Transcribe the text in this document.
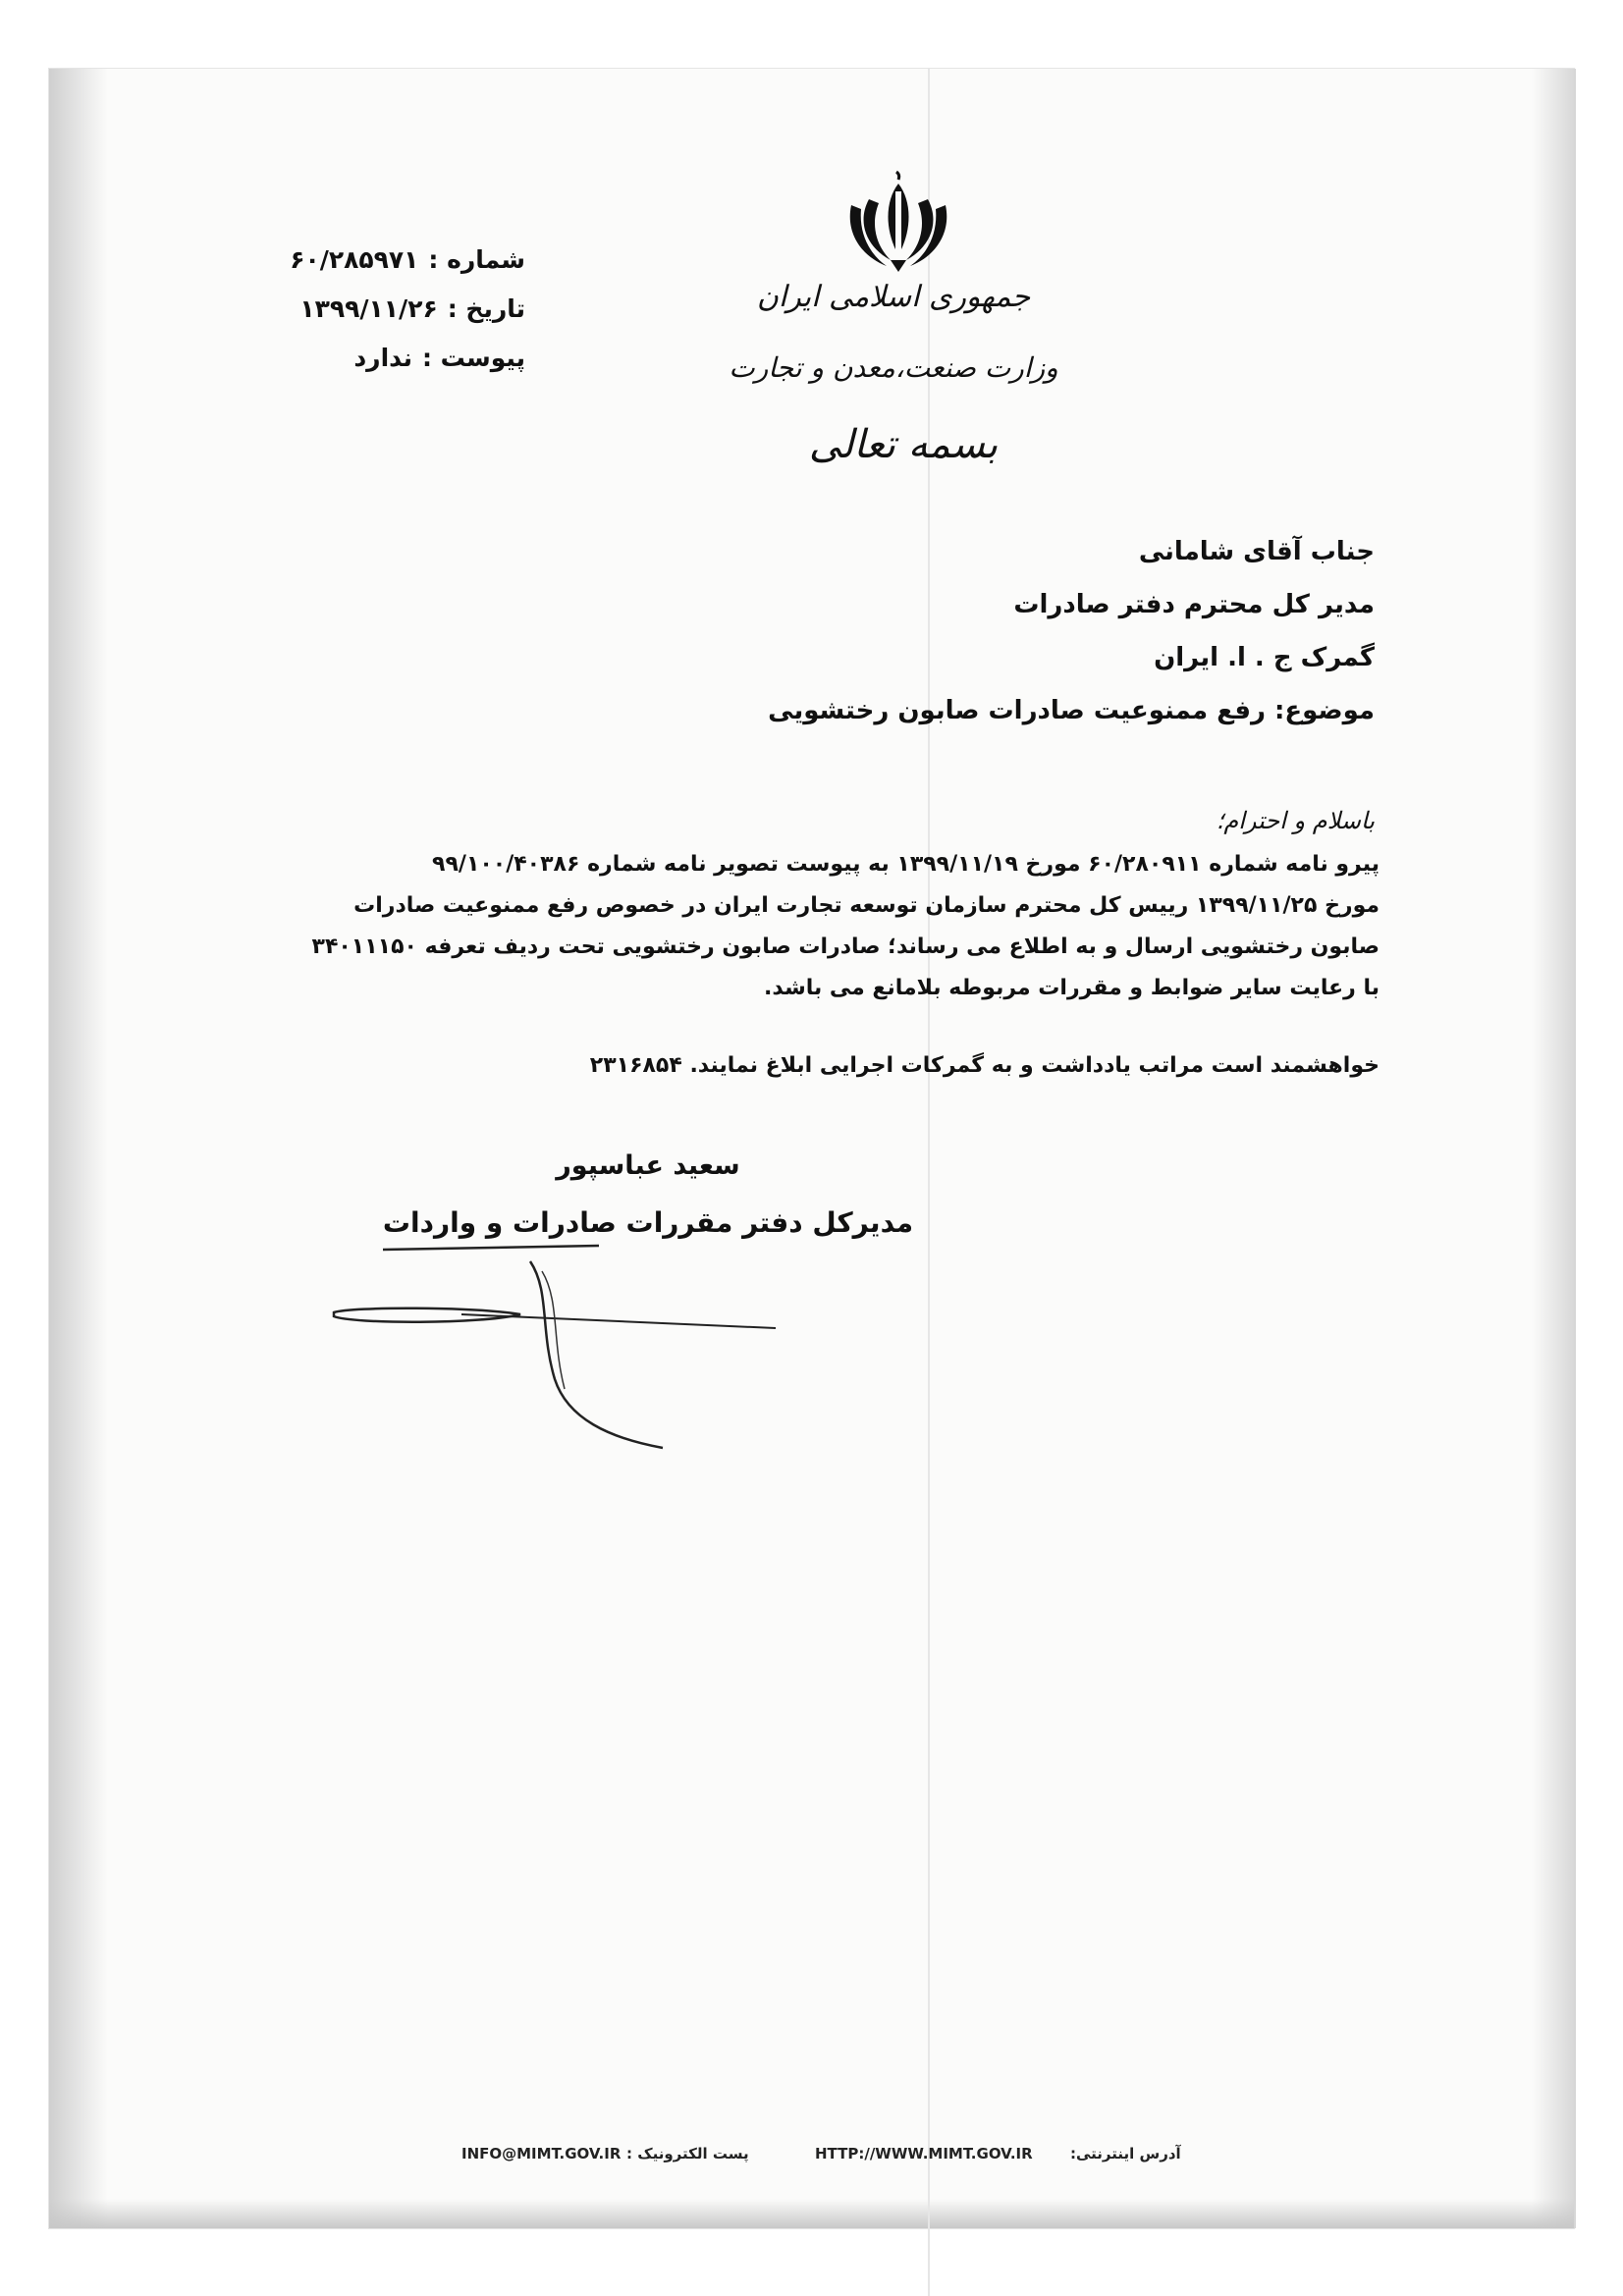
جمهوری اسلامی ایران
وزارت صنعت،معدن و تجارت
بسمه تعالی
شماره :
۶۰/۲۸۵۹۷۱
تاریخ :
۱۳۹۹/۱۱/۲۶
پیوست :
ندارد
جناب آقای شامانی
مدیر کل محترم دفتر صادرات
گمرک ج . ا. ایران
موضوع: رفع ممنوعیت صادرات صابون رختشویی
باسلام و احترام؛

پیرو نامه شماره ۶۰/۲۸۰۹۱۱ مورخ ۱۳۹۹/۱۱/۱۹ به پیوست تصویر نامه شماره ۹۹/۱۰۰/۴۰۳۸۶

مورخ ۱۳۹۹/۱۱/۲۵ رییس کل محترم سازمان توسعه تجارت ایران در خصوص رفع ممنوعیت صادرات

صابون رختشویی ارسال و به اطلاع می رساند؛ صادرات صابون رختشویی تحت ردیف تعرفه ۳۴۰۱۱۱۵۰

با رعایت سایر ضوابط و مقررات مربوطه بلامانع می باشد.

خواهشمند است مراتب یادداشت و به گمرکات اجرایی ابلاغ نمایند. ۲۳۱۶۸۵۴
سعید عباسپور
مدیرکل دفتر مقررات صادرات و واردات
INFO@MIMT.GOV.IR پست الکترونیک :	HTTP://WWW.MIMT.GOV.IR	آدرس اینترنتی:
